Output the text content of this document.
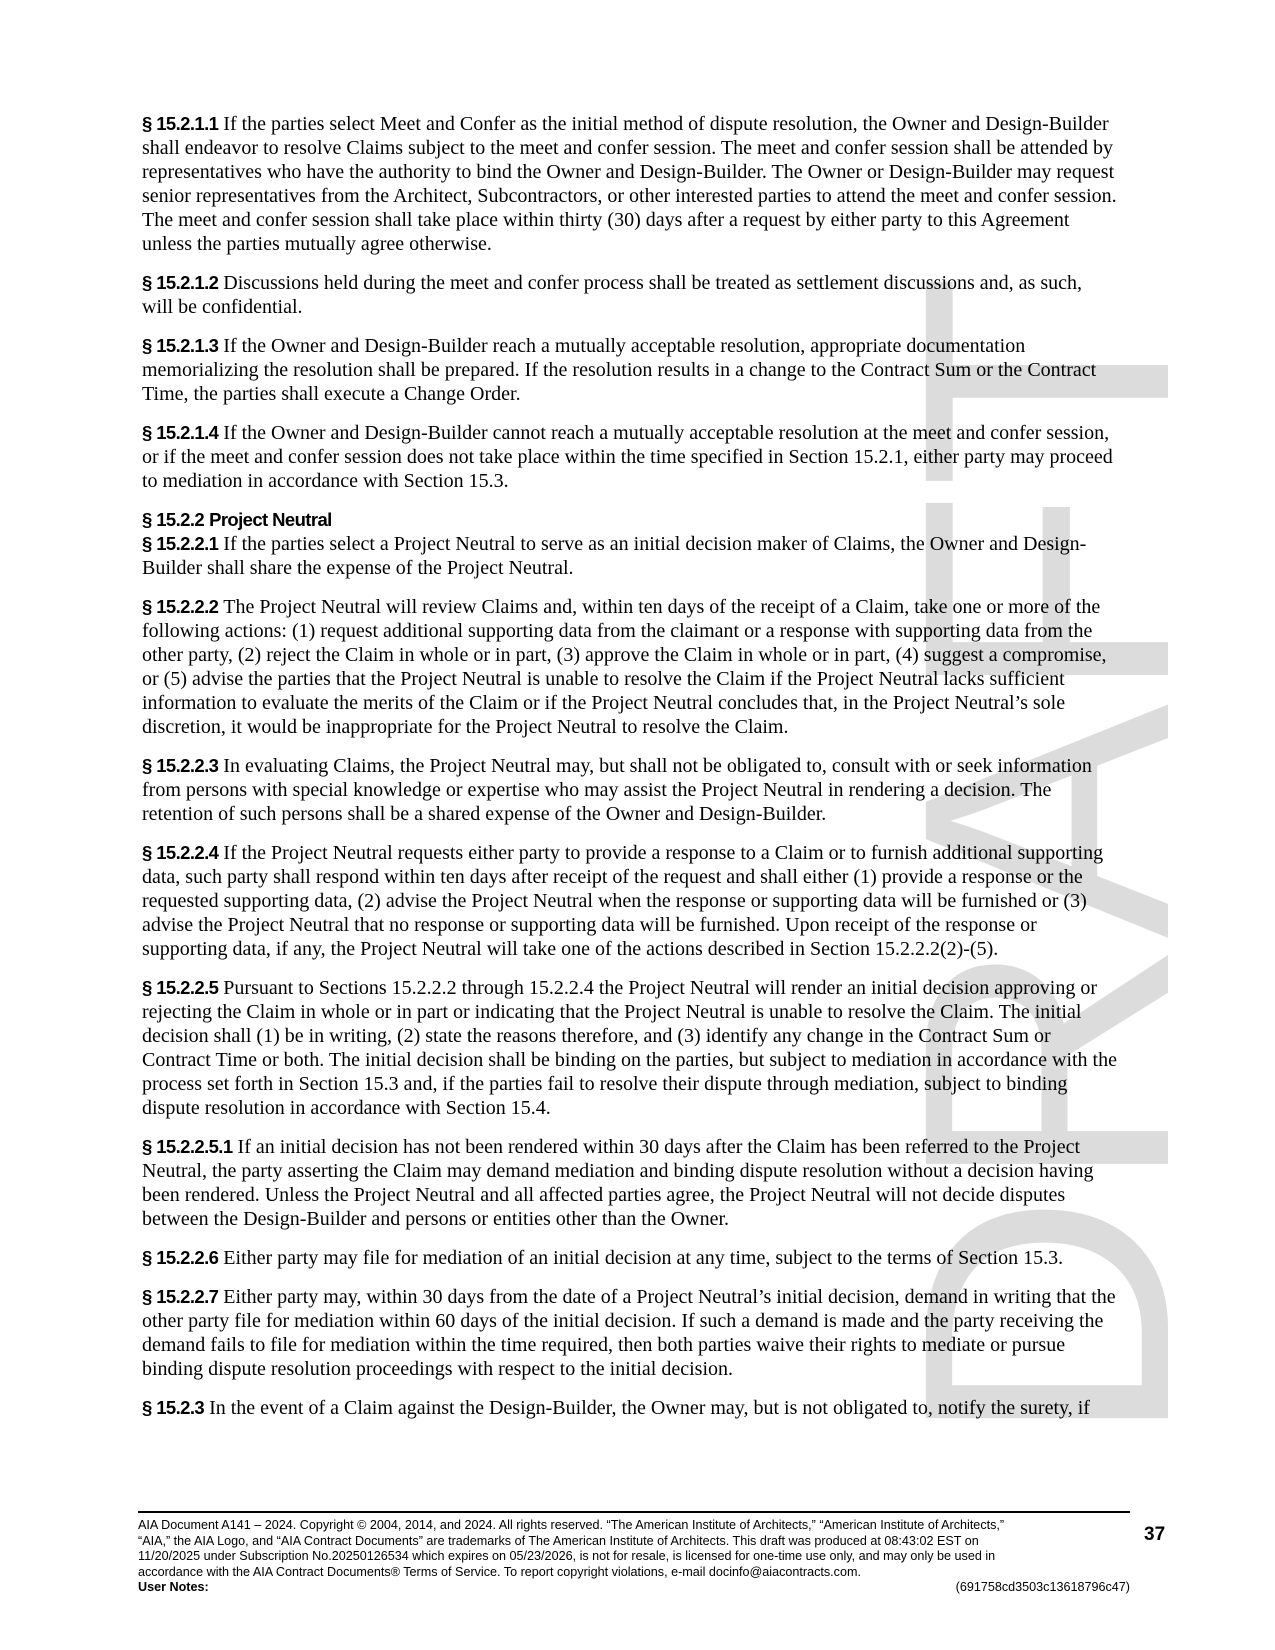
DRAFT

§ 15.2.1.1 If the parties select Meet and Confer as the initial method of dispute resolution, the Owner and Design-Builder shall endeavor to resolve Claims subject to the meet and confer session. The meet and confer session shall be attended by representatives who have the authority to bind the Owner and Design-Builder. The Owner or Design-Builder may request senior representatives from the Architect, Subcontractors, or other interested parties to attend the meet and confer session. The meet and confer session shall take place within thirty (30) days after a request by either party to this Agreement unless the parties mutually agree otherwise.

§ 15.2.1.2 Discussions held during the meet and confer process shall be treated as settlement discussions and, as such, will be confidential.

§ 15.2.1.3 If the Owner and Design-Builder reach a mutually acceptable resolution, appropriate documentation memorializing the resolution shall be prepared. If the resolution results in a change to the Contract Sum or the Contract Time, the parties shall execute a Change Order.

§ 15.2.1.4 If the Owner and Design-Builder cannot reach a mutually acceptable resolution at the meet and confer session, or if the meet and confer session does not take place within the time specified in Section 15.2.1, either party may proceed to mediation in accordance with Section 15.3.

§ 15.2.2 Project Neutral

§ 15.2.2.1 If the parties select a Project Neutral to serve as an initial decision maker of Claims, the Owner and Design-Builder shall share the expense of the Project Neutral.

§ 15.2.2.2 The Project Neutral will review Claims and, within ten days of the receipt of a Claim, take one or more of the following actions: (1) request additional supporting data from the claimant or a response with supporting data from the other party, (2) reject the Claim in whole or in part, (3) approve the Claim in whole or in part, (4) suggest a compromise, or (5) advise the parties that the Project Neutral is unable to resolve the Claim if the Project Neutral lacks sufficient information to evaluate the merits of the Claim or if the Project Neutral concludes that, in the Project Neutral’s sole discretion, it would be inappropriate for the Project Neutral to resolve the Claim.

§ 15.2.2.3 In evaluating Claims, the Project Neutral may, but shall not be obligated to, consult with or seek information from persons with special knowledge or expertise who may assist the Project Neutral in rendering a decision. The retention of such persons shall be a shared expense of the Owner and Design-Builder.

§ 15.2.2.4 If the Project Neutral requests either party to provide a response to a Claim or to furnish additional supporting data, such party shall respond within ten days after receipt of the request and shall either (1) provide a response or the requested supporting data, (2) advise the Project Neutral when the response or supporting data will be furnished or (3) advise the Project Neutral that no response or supporting data will be furnished. Upon receipt of the response or supporting data, if any, the Project Neutral will take one of the actions described in Section 15.2.2.2(2)-(5).

§ 15.2.2.5 Pursuant to Sections 15.2.2.2 through 15.2.2.4 the Project Neutral will render an initial decision approving or rejecting the Claim in whole or in part or indicating that the Project Neutral is unable to resolve the Claim. The initial decision shall (1) be in writing, (2) state the reasons therefore, and (3) identify any change in the Contract Sum or Contract Time or both. The initial decision shall be binding on the parties, but subject to mediation in accordance with the process set forth in Section 15.3 and, if the parties fail to resolve their dispute through mediation, subject to binding dispute resolution in accordance with Section 15.4.

§ 15.2.2.5.1 If an initial decision has not been rendered within 30 days after the Claim has been referred to the Project Neutral, the party asserting the Claim may demand mediation and binding dispute resolution without a decision having been rendered. Unless the Project Neutral and all affected parties agree, the Project Neutral will not decide disputes between the Design-Builder and persons or entities other than the Owner.

§ 15.2.2.6 Either party may file for mediation of an initial decision at any time, subject to the terms of Section 15.3.

§ 15.2.2.7 Either party may, within 30 days from the date of a Project Neutral’s initial decision, demand in writing that the other party file for mediation within 60 days of the initial decision. If such a demand is made and the party receiving the demand fails to file for mediation within the time required, then both parties waive their rights to mediate or pursue binding dispute resolution proceedings with respect to the initial decision.

§ 15.2.3 In the event of a Claim against the Design-Builder, the Owner may, but is not obligated to, notify the surety, if

AIA Document A141 – 2024. Copyright © 2004, 2014, and 2024. All rights reserved. “The American Institute of Architects,” “American Institute of Architects,”
“AIA,” the AIA Logo, and “AIA Contract Documents” are trademarks of The American Institute of Architects. This draft was produced at 08:43:02 EST on
11/20/2025 under Subscription No.20250126534 which expires on 05/23/2026, is not for resale, is licensed for one-time use only, and may only be used in
accordance with the AIA Contract Documents® Terms of Service. To report copyright violations, e-mail docinfo@aiacontracts.com.
User Notes:	(691758cd3503c13618796c47)
37
